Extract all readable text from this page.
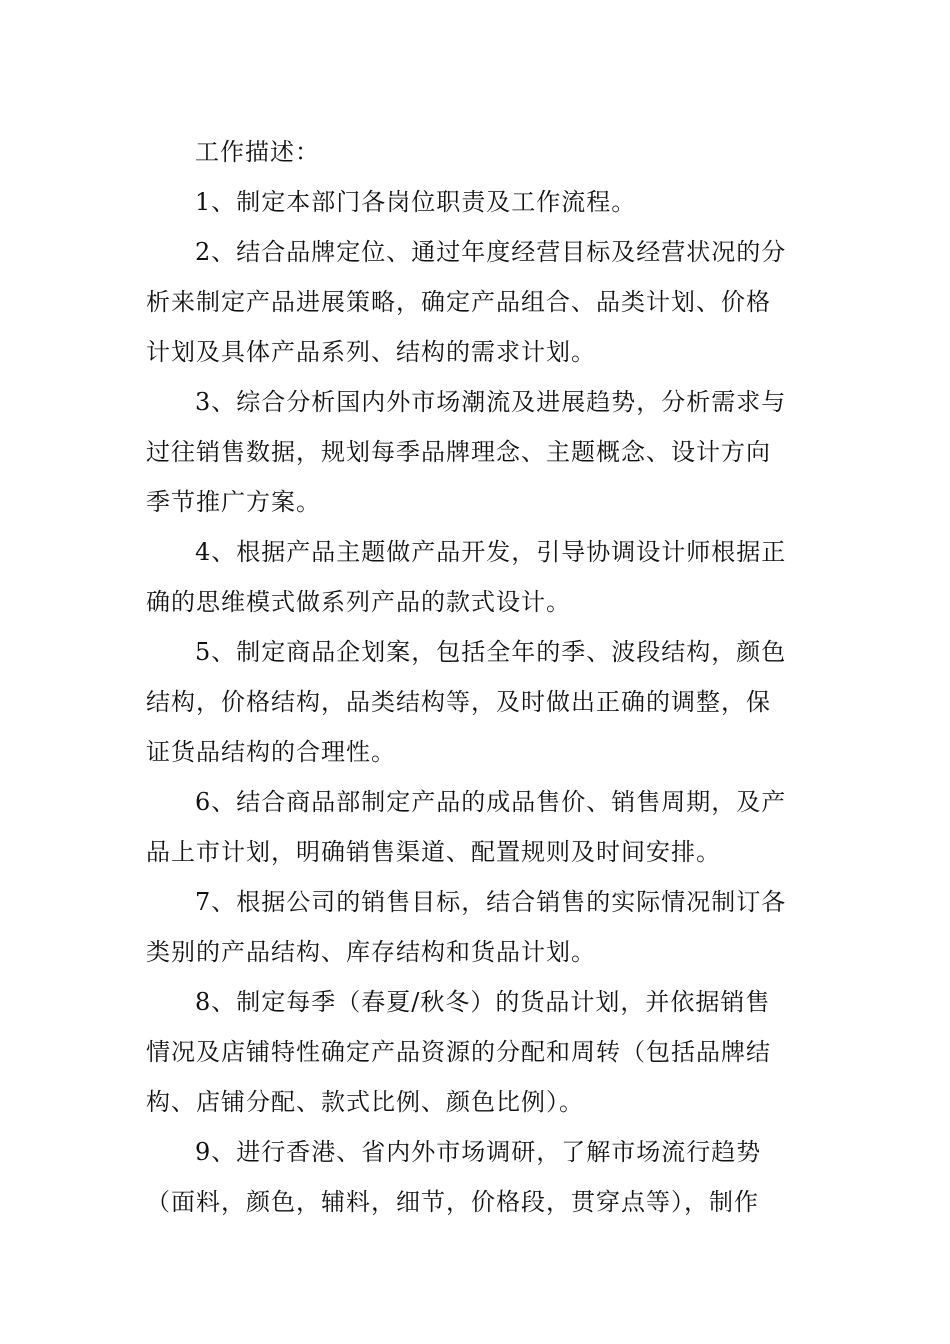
工作描述：

1、制定本部门各岗位职责及工作流程。
2、结合品牌定位、通过年度经营目标及经营状况的分
析来制定产品进展策略，确定产品组合、品类计划、价格
计划及具体产品系列、结构的需求计划。
3、综合分析国内外市场潮流及进展趋势，分析需求与
过往销售数据，规划每季品牌理念、主题概念、设计方向
季节推广方案。
4、根据产品主题做产品开发，引导协调设计师根据正
确的思维模式做系列产品的款式设计。
5、制定商品企划案，包括全年的季、波段结构，颜色
结构，价格结构，品类结构等，及时做出正确的调整，保
证货品结构的合理性。
6、结合商品部制定产品的成品售价、销售周期，及产
品上市计划，明确销售渠道、配置规则及时间安排。
7、根据公司的销售目标，结合销售的实际情况制订各
类别的产品结构、库存结构和货品计划。
8、制定每季（春夏/秋冬）的货品计划，并依据销售
情况及店铺特性确定产品资源的分配和周转（包括品牌结
构、店铺分配、款式比例、颜色比例）。
9、进行香港、省内外市场调研，了解市场流行趋势
（面料，颜色，辅料，细节，价格段，贯穿点等），制作
